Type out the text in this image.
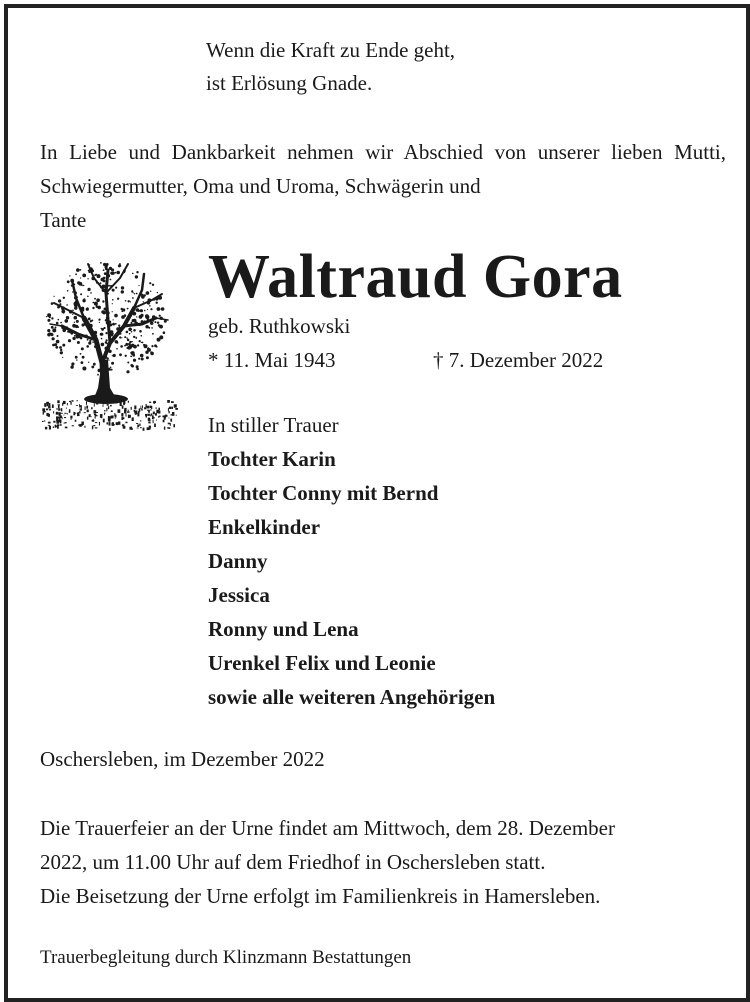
Wenn die Kraft zu Ende geht,
ist Erlösung Gnade.
In Liebe und Dankbarkeit nehmen wir Abschied von unserer lieben Mutti, Schwiegermutter, Oma und Uroma, Schwägerin und
Tante
Waltraud Gora
geb. Ruthkowski
* 11. Mai 1943	† 7. Dezember 2022
In stiller Trauer
Tochter Karin
Tochter Conny mit Bernd
Enkelkinder
Danny
Jessica
Ronny und Lena
Urenkel Felix und Leonie
sowie alle weiteren Angehörigen
Oschersleben, im Dezember 2022
Die Trauerfeier an der Urne findet am Mittwoch, dem 28. Dezember
2022, um 11.00 Uhr auf dem Friedhof in Oschersleben statt.
Die Beisetzung der Urne erfolgt im Familienkreis in Hamersleben.
Trauerbegleitung durch Klinzmann Bestattungen
